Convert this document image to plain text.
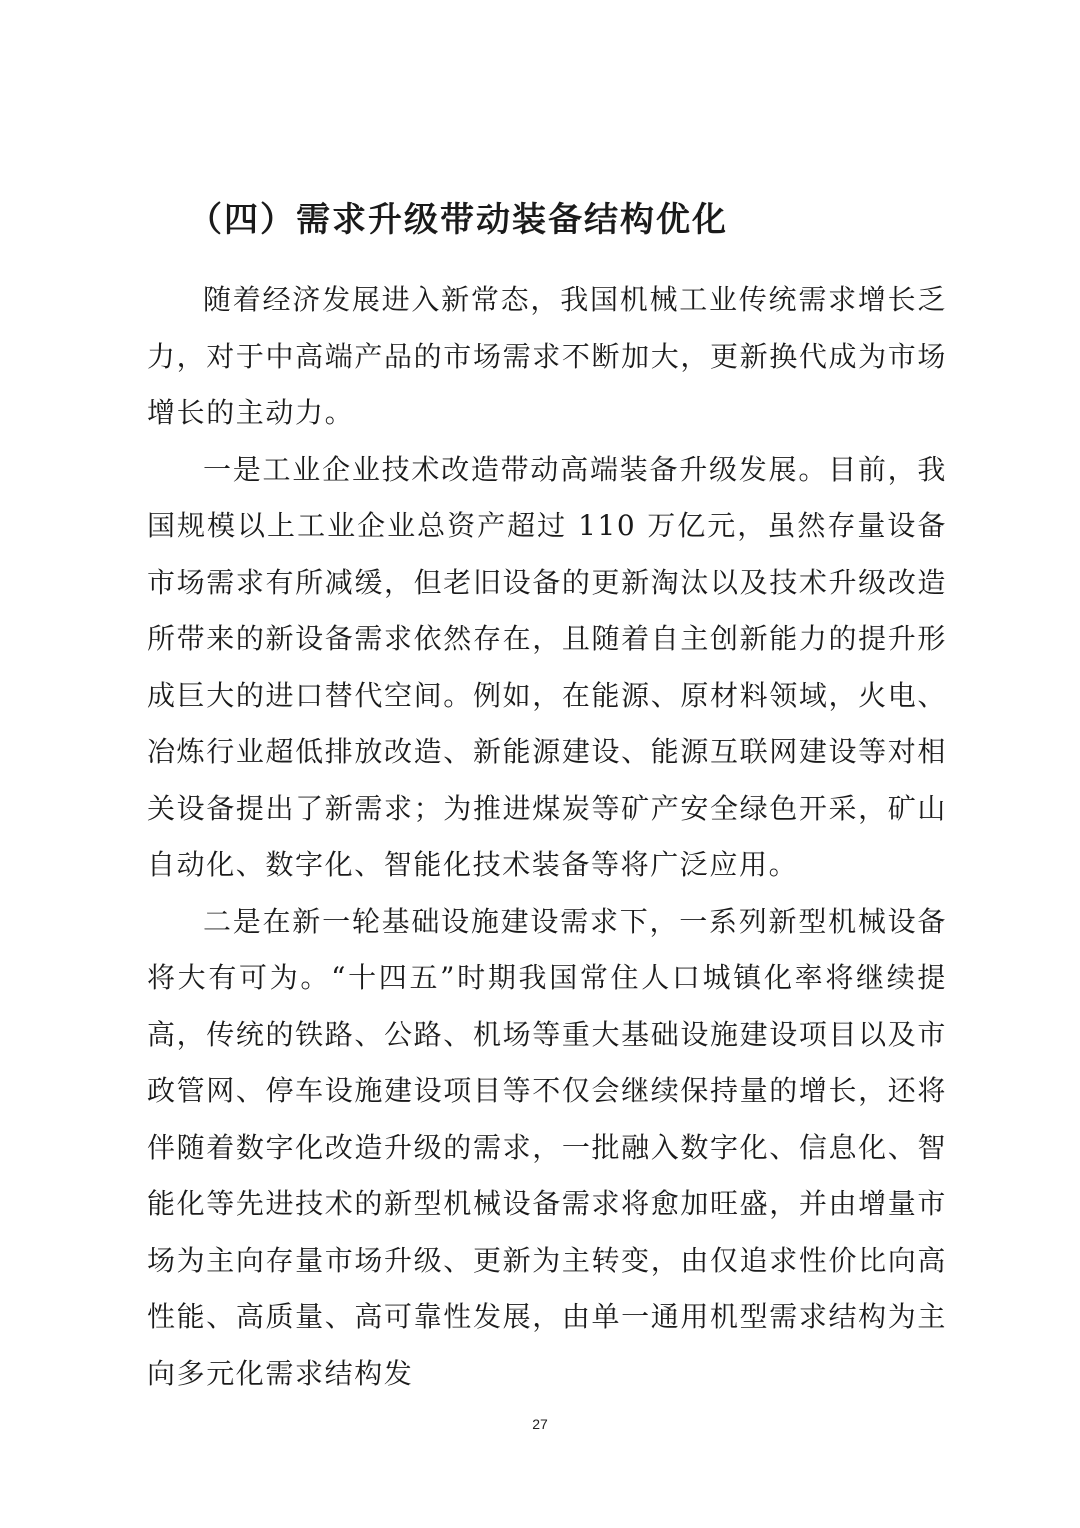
（四）需求升级带动装备结构优化

随着经济发展进入新常态，我国机械工业传统需求增长乏力，对于中高端产品的市场需求不断加大，更新换代成为市场增长的主动力。

一是工业企业技术改造带动高端装备升级发展。目前，我国规模以上工业企业总资产超过 110 万亿元，虽然存量设备市场需求有所减缓，但老旧设备的更新淘汰以及技术升级改造所带来的新设备需求依然存在，且随着自主创新能力的提升形成巨大的进口替代空间。例如，在能源、原材料领域，火电、冶炼行业超低排放改造、新能源建设、能源互联网建设等对相关设备提出了新需求；为推进煤炭等矿产安全绿色开采，矿山自动化、数字化、智能化技术装备等将广泛应用。

二是在新一轮基础设施建设需求下，一系列新型机械设备将大有可为。“十四五”时期我国常住人口城镇化率将继续提高，传统的铁路、公路、机场等重大基础设施建设项目以及市政管网、停车设施建设项目等不仅会继续保持量的增长，还将伴随着数字化改造升级的需求，一批融入数字化、信息化、智能化等先进技术的新型机械设备需求将愈加旺盛，并由增量市场为主向存量市场升级、更新为主转变，由仅追求性价比向高性能、高质量、高可靠性发展，由单一通用机型需求结构为主向多元化需求结构发

27
